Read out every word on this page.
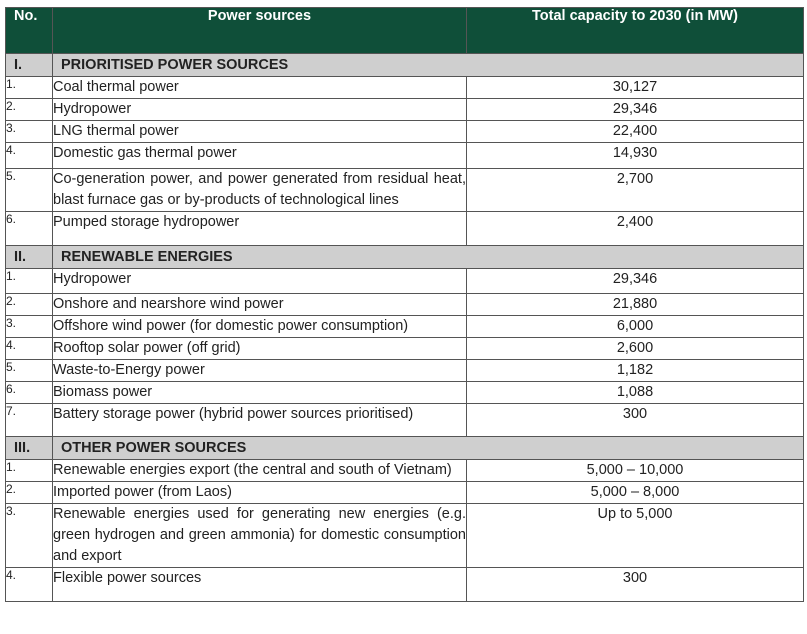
No.	Power sources	Total capacity to 2030 (in MW)
I.	PRIORITISED POWER SOURCES	
1.	Coal thermal power	30,127
2.	Hydropower	29,346
3.	LNG thermal power	22,400
4.	Domestic gas thermal power	14,930
5.	Co-generation power, and power generated from residual heat, blast furnace gas or by-products of technological lines	2,700
6.	Pumped storage hydropower	2,400
II.	RENEWABLE ENERGIES	
1.	Hydropower	29,346
2.	Onshore and nearshore wind power	21,880
3.	Offshore wind power (for domestic power consumption)	6,000
4.	Rooftop solar power (off grid)	2,600
5.	Waste-to-Energy power	1,182
6.	Biomass power	1,088
7.	Battery storage power (hybrid power sources prioritised)	300
III.	OTHER POWER SOURCES	
1.	Renewable energies export (the central and south of Vietnam)	5,000 – 10,000
2.	Imported power (from Laos)	5,000 – 8,000
3.	Renewable energies used for generating new energies (e.g. green hydrogen and green ammonia) for domestic consumption and export	Up to 5,000
4.	Flexible power sources	300
